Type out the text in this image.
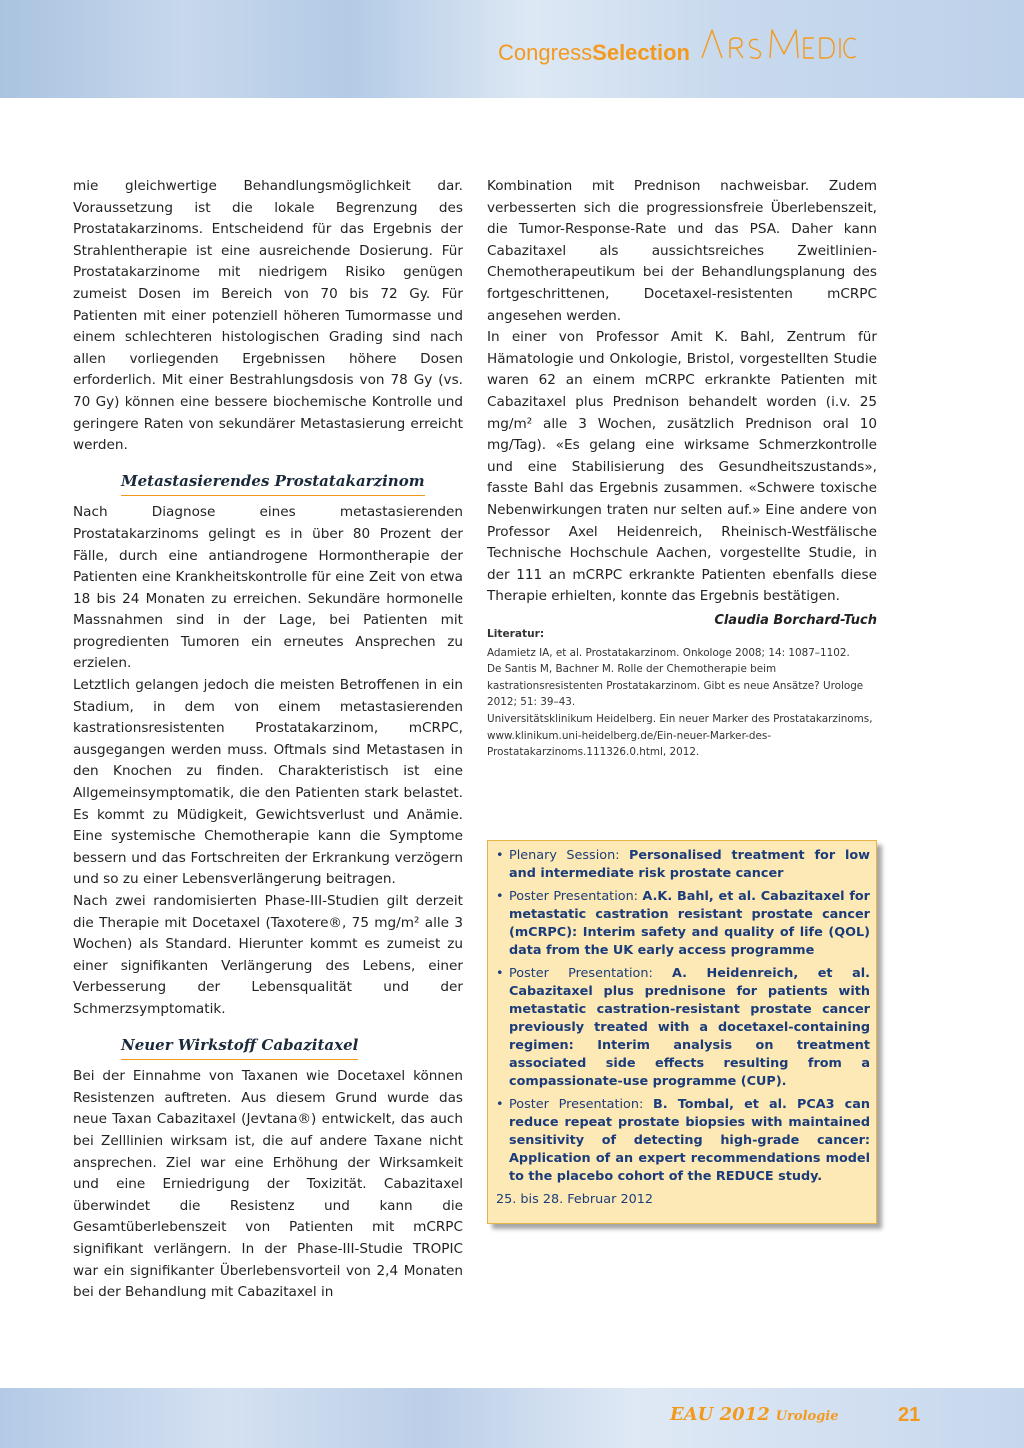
Congress Selection

mie gleichwertige Behandlungsmöglichkeit dar. Voraussetzung ist die lokale Begrenzung des Prostatakarzinoms. Entscheidend für das Ergebnis der Strahlentherapie ist eine ausreichende Dosierung. Für Prostatakarzinome mit niedrigem Risiko genügen zumeist Dosen im Bereich von 70 bis 72 Gy. Für Patienten mit einer potenziell höheren Tumormasse und einem schlechteren histologischen Grading sind nach allen vorliegenden Ergebnissen höhere Dosen erforderlich. Mit einer Bestrahlungsdosis von 78 Gy (vs. 70 Gy) können eine bessere biochemische Kontrolle und geringere Raten von sekundärer Metastasierung erreicht werden.

Metastasierendes Prostatakarzinom

Nach Diagnose eines metastasierenden Prostatakarzinoms gelingt es in über 80 Prozent der Fälle, durch eine antiandrogene Hormontherapie der Patienten eine Krankheitskontrolle für eine Zeit von etwa 18 bis 24 Monaten zu erreichen. Sekundäre hormonelle Massnahmen sind in der Lage, bei Patienten mit progredienten Tumoren ein erneutes Ansprechen zu erzielen.

Letztlich gelangen jedoch die meisten Betroffenen in ein Stadium, in dem von einem metastasierenden kastrationsresistenten Prostatakarzinom, mCRPC, ausgegangen werden muss. Oftmals sind Metastasen in den Knochen zu finden. Charakteristisch ist eine Allgemeinsymptomatik, die den Patienten stark belastet. Es kommt zu Müdigkeit, Gewichtsverlust und Anämie. Eine systemische Chemotherapie kann die Symptome bessern und das Fortschreiten der Erkrankung verzögern und so zu einer Lebensverlängerung beitragen.

Nach zwei randomisierten Phase-III-Studien gilt derzeit die Therapie mit Docetaxel (Taxotere®, 75 mg/m² alle 3 Wochen) als Standard. Hierunter kommt es zumeist zu einer signifikanten Verlängerung des Lebens, einer Verbesserung der Lebensqualität und der Schmerzsymptomatik.

Neuer Wirkstoff Cabazitaxel

Bei der Einnahme von Taxanen wie Docetaxel können Resistenzen auftreten. Aus diesem Grund wurde das neue Taxan Cabazitaxel (Jevtana®) entwickelt, das auch bei Zelllinien wirksam ist, die auf andere Taxane nicht ansprechen. Ziel war eine Erhöhung der Wirksamkeit und eine Erniedrigung der Toxizität. Cabazitaxel überwindet die Resistenz und kann die Gesamtüberlebenszeit von Patienten mit mCRPC signifikant verlängern. In der Phase-III-Studie TROPIC war ein signifikanter Überlebensvorteil von 2,4 Monaten bei der Behandlung mit Cabazitaxel in

Kombination mit Prednison nachweisbar. Zudem verbesserten sich die progressionsfreie Überlebenszeit, die Tumor-Response-Rate und das PSA. Daher kann Cabazitaxel als aussichtsreiches Zweitlinien-Chemotherapeutikum bei der Behandlungsplanung des fortgeschrittenen, Docetaxel-resistenten mCRPC angesehen werden.

In einer von Professor Amit K. Bahl, Zentrum für Hämatologie und Onkologie, Bristol, vorgestellten Studie waren 62 an einem mCRPC erkrankte Patienten mit Cabazitaxel plus Prednison behandelt worden (i.v. 25 mg/m² alle 3 Wochen, zusätzlich Prednison oral 10 mg/Tag). «Es gelang eine wirksame Schmerzkontrolle und eine Stabilisierung des Gesundheitszustands», fasste Bahl das Ergebnis zusammen. «Schwere toxische Nebenwirkungen traten nur selten auf.» Eine andere von Professor Axel Heidenreich, Rheinisch-Westfälische Technische Hochschule Aachen, vorgestellte Studie, in der 111 an mCRPC erkrankte Patienten ebenfalls diese Therapie erhielten, konnte das Ergebnis bestätigen.

Claudia Borchard-Tuch
Literatur:

Adamietz IA, et al. Prostatakarzinom. Onkologe 2008; 14: 1087–1102.

De Santis M, Bachner M. Rolle der Chemotherapie beim kastrationsresistenten Prostatakarzinom. Gibt es neue Ansätze? Urologe 2012; 51: 39–43.

Universitätsklinikum Heidelberg. Ein neuer Marker des Prostatakarzinoms, www.klinikum.uni-heidelberg.de/Ein-neuer-Marker-des-Prostatakarzinoms.111326.0.html, 2012.

• Plenary Session: Personalised treatment for low and intermediate risk prostate cancer
• Poster Presentation: A.K. Bahl, et al. Cabazitaxel for metastatic castration resistant prostate cancer (mCRPC): Interim safety and quality of life (QOL) data from the UK early access programme
• Poster Presentation: A. Heidenreich, et al. Cabazitaxel plus prednisone for patients with metastatic castration-resistant prostate cancer previously treated with a docetaxel-containing regimen: Interim analysis on treatment associated side effects resulting from a compassionate-use programme (CUP).
• Poster Presentation: B. Tombal, et al. PCA3 can reduce repeat prostate biopsies with maintained sensitivity of detecting high-grade cancer: Application of an expert recommendations model to the placebo cohort of the REDUCE study.
25. bis 28. Februar 2012
EAU 2012 Urologie	21
